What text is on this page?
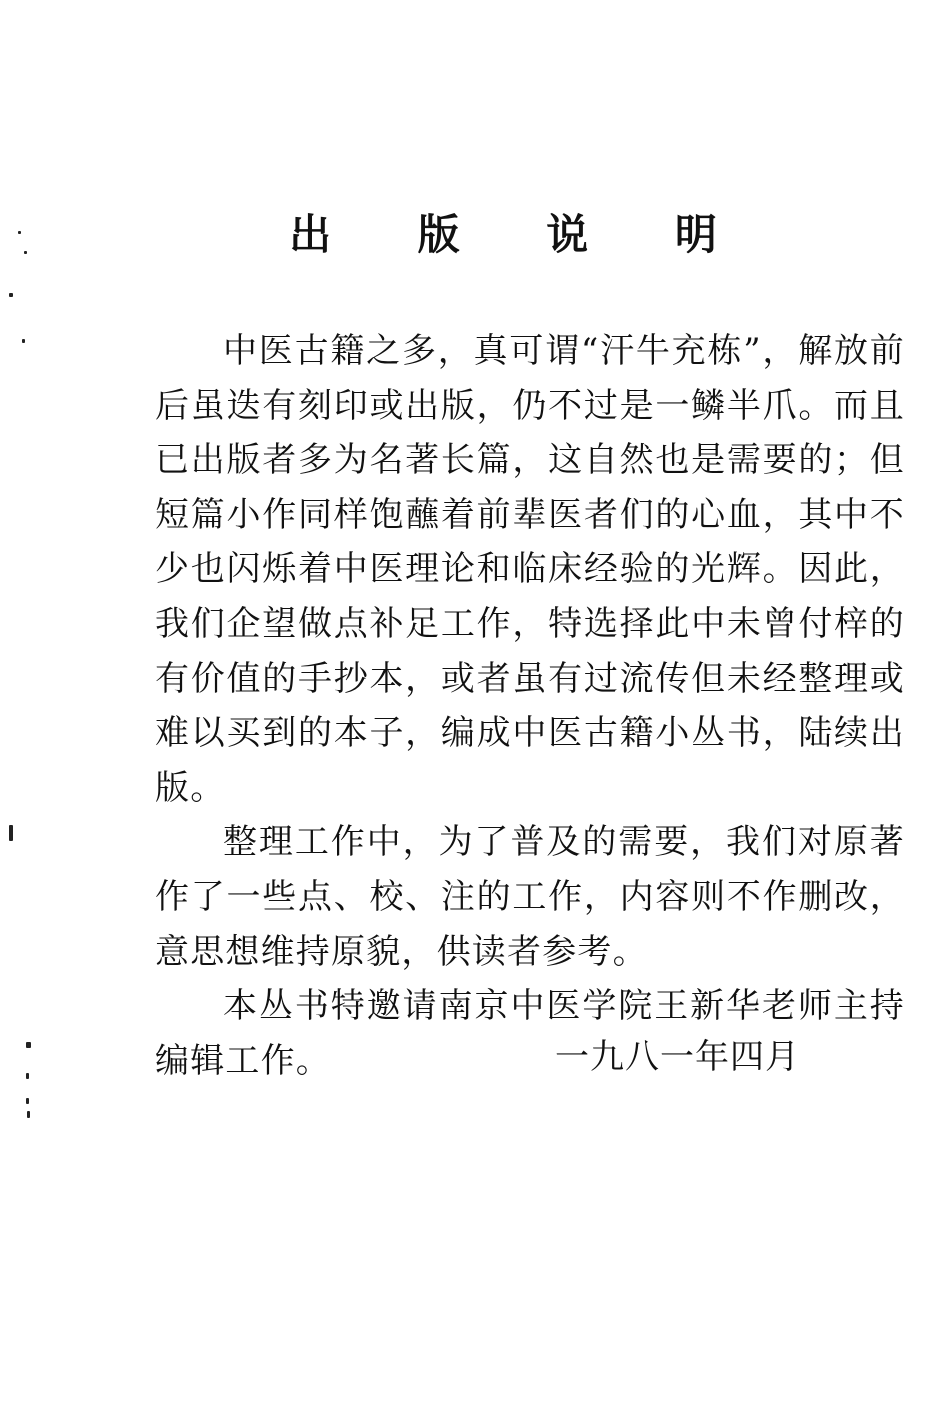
出 版 说 明

中医古籍之多，真可谓“汗牛充栋”，解放前后虽迭有刻印或出版，仍不过是一鳞半爪。而且已出版者多为名著长篇，这自然也是需要的；但短篇小作同样饱蘸着前辈医者们的心血，其中不少也闪烁着中医理论和临床经验的光辉。因此，我们企望做点补足工作，特选择此中未曾付梓的有价值的手抄本，或者虽有过流传但未经整理或难以买到的本子，编成中医古籍小丛书，陆续出版。

整理工作中，为了普及的需要，我们对原著作了一些点、校、注的工作，内容则不作删改，意思想维持原貌，供读者参考。

本丛书特邀请南京中医学院王新华老师主持编辑工作。	一九八一年四月
